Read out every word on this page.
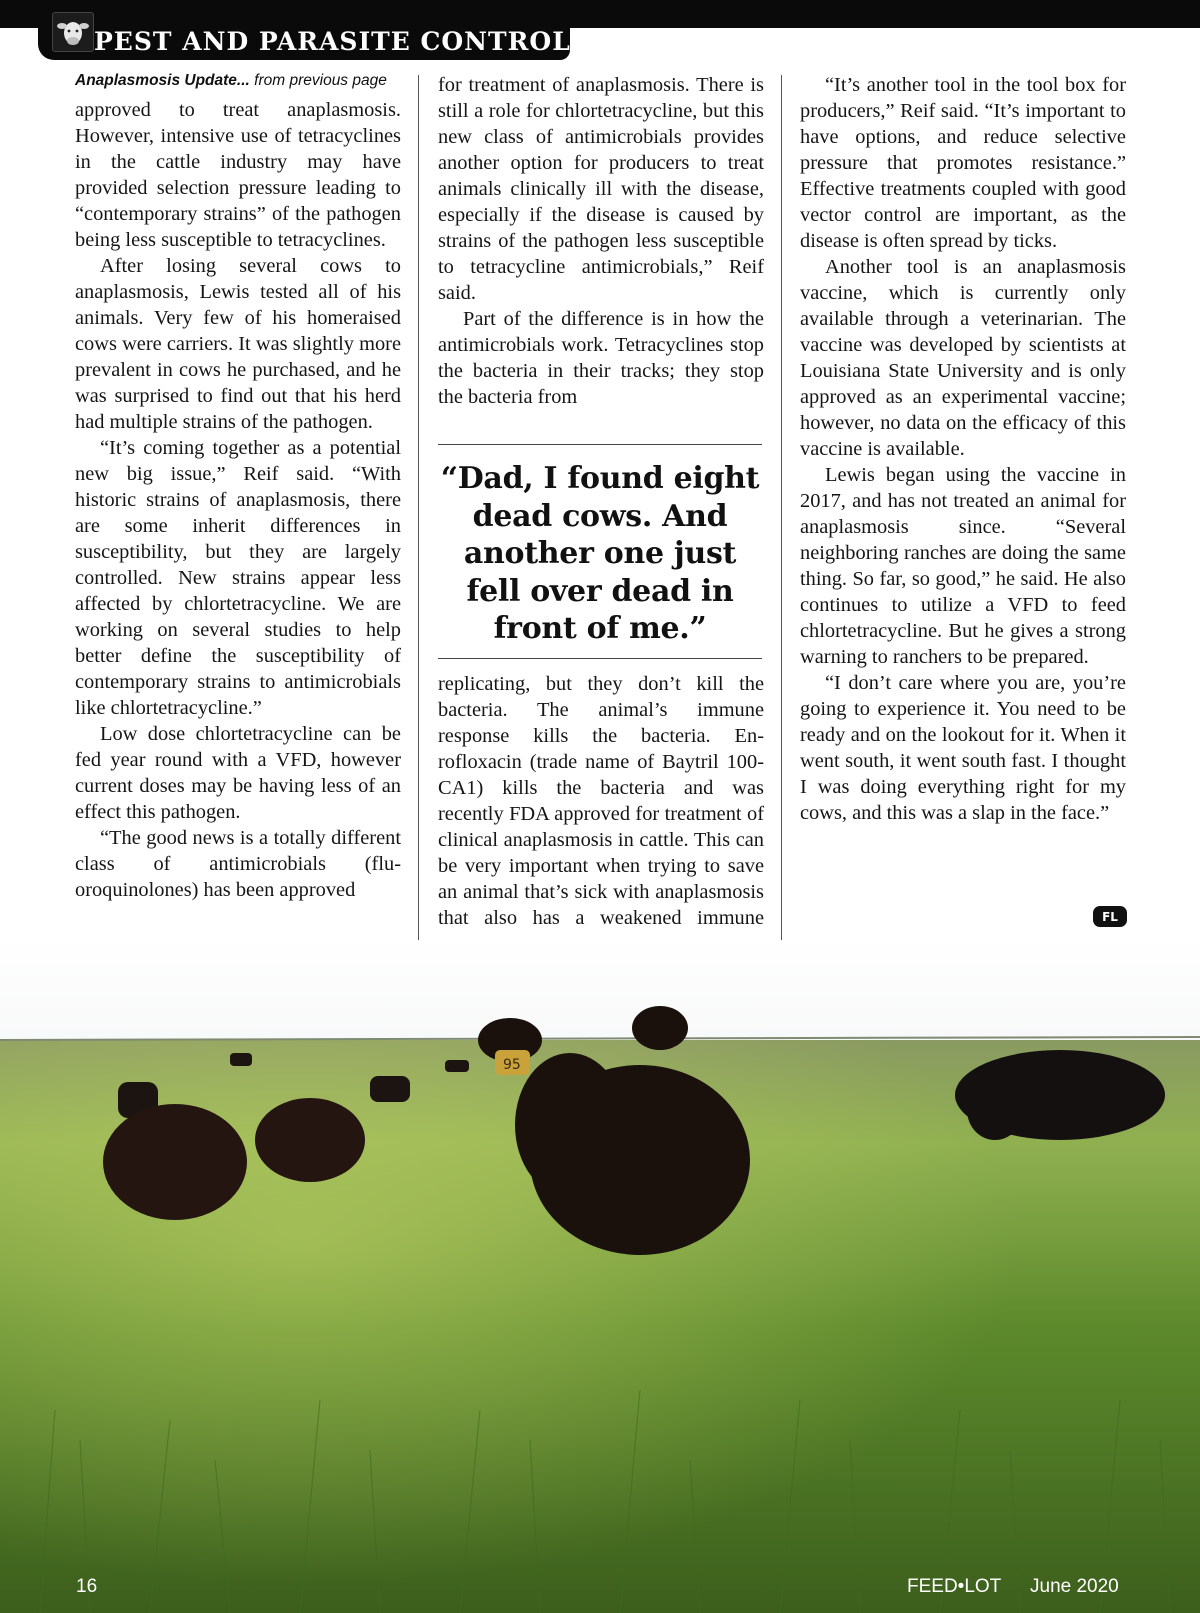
PEST AND PARASITE CONTROL
Anaplasmosis Update... from previous page

approved to treat anaplasmosis. However, intensive use of tetracyclines in the cattle industry may have provided selection pressure leading to “contemporary strains” of the pathogen being less susceptible to tetracyclines.

After losing several cows to anaplasmosis, Lewis tested all of his animals. Very few of his homeraised cows were carriers. It was slightly more prevalent in cows he purchased, and he was surprised to find out that his herd had multiple strains of the pathogen.

“It’s coming together as a potential new big issue,” Reif said. “With historic strains of anaplasmosis, there are some inherit differences in susceptibility, but they are largely controlled. New strains appear less affected by chlortetracycline. We are working on several studies to help better define the susceptibility of contemporary strains to antimicrobials like chlortetracycline.”

Low dose chlortetracycline can be fed year round with a VFD, however current doses may be having less of an effect this pathogen.

“The good news is a totally different class of antimicrobials (fluoroquinolones) has been approved

for treatment of anaplasmosis. There is still a role for chlortetracycline, but this new class of antimicrobials provides another option for producers to treat animals clinically ill with the disease, especially if the disease is caused by strains of the pathogen less susceptible to tetracycline antimicrobials,” Reif said.

Part of the difference is in how the antimicrobials work. Tetracyclines stop the bacteria in their tracks; they stop the bacteria from

“Dad, I found eight dead cows. And another one just fell over dead in front of me.”

replicating, but they don’t kill the bacteria. The animal’s immune response kills the bacteria. Enrofloxacin (trade name of Baytril 100-CA1) kills the bacteria and was recently FDA approved for treatment of clinical anaplasmosis in cattle. This can be very important when trying to save an animal that’s sick with anaplasmosis that also has a weakened immune

“It’s another tool in the tool box for producers,” Reif said. “It’s important to have options, and reduce selective pressure that promotes resistance.” Effective treatments coupled with good vector control are important, as the disease is often spread by ticks.

Another tool is an anaplasmosis vaccine, which is currently only available through a veterinarian. The vaccine was developed by scientists at Louisiana State University and is only approved as an experimental vaccine; however, no data on the efficacy of this vaccine is available.

Lewis began using the vaccine in 2017, and has not treated an animal for anaplasmosis since. “Several neighboring ranches are doing the same thing. So far, so good,” he said. He also continues to utilize a VFD to feed chlortetracycline. But he gives a strong warning to ranchers to be prepared.

“I don’t care where you are, you’re going to experience it. You need to be ready and on the lookout for it. When it went south, it went south fast. I thought I was doing everything right for my cows, and this was a slap in the face.”

FL
95
16	FEED•LOT June 2020
